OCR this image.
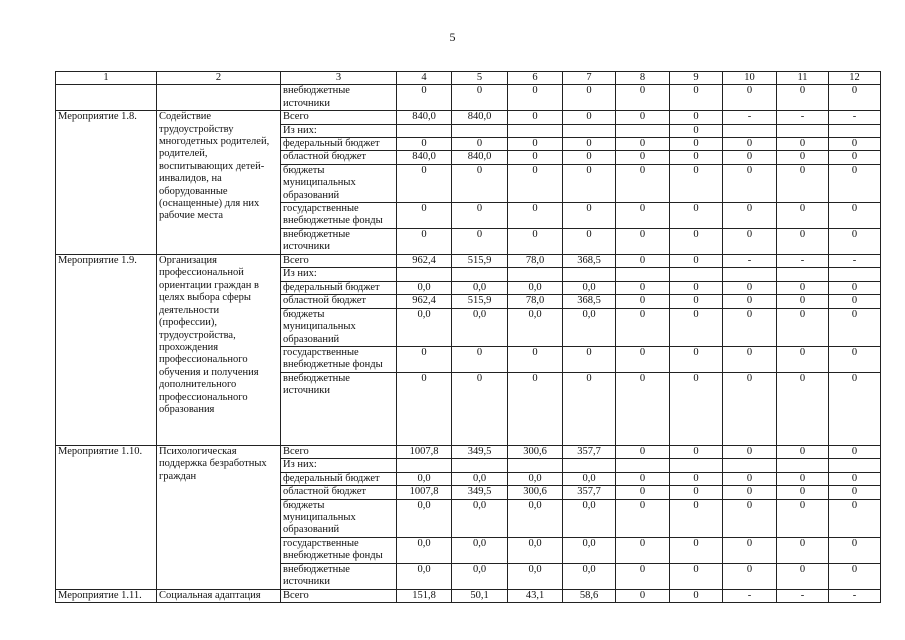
5
1	2	3	4	5	6	7	8	9	10	11	12
		внебюджетные источники	0	0	0	0	0	0	0	0	0
Мероприятие 1.8.	Содействие трудоустройству многодетных родителей, родителей, воспитывающих детей-инвалидов, на оборудованные (оснащенные) для них рабочие места	Всего	840,0	840,0	0	0	0	0	-	-	-
		Из них:						0			
		федеральный бюджет	0	0	0	0	0	0	0	0	0
		областной бюджет	840,0	840,0	0	0	0	0	0	0	0
		бюджеты муниципальных образований	0	0	0	0	0	0	0	0	0
		государственные внебюджетные фонды	0	0	0	0	0	0	0	0	0
		внебюджетные источники	0	0	0	0	0	0	0	0	0
Мероприятие 1.9.	Организация профессиональной ориентации граждан в целях выбора сферы деятельности (профессии), трудоустройства, прохождения профессионального обучения и получения дополнительного профессионального образования	Всего	962,4	515,9	78,0	368,5	0	0	-	-	-
		Из них:									
		федеральный бюджет	0,0	0,0	0,0	0,0	0	0	0	0	0
		областной бюджет	962,4	515,9	78,0	368,5	0	0	0	0	0
		бюджеты муниципальных образований	0,0	0,0	0,0	0,0	0	0	0	0	0
		государственные внебюджетные фонды	0	0	0	0	0	0	0	0	0
		внебюджетные источники	0	0	0	0	0	0	0	0	0
Мероприятие 1.10.	Психологическая поддержка безработных граждан	Всего	1007,8	349,5	300,6	357,7	0	0	0	0	0
		Из них:									
		федеральный бюджет	0,0	0,0	0,0	0,0	0	0	0	0	0
		областной бюджет	1007,8	349,5	300,6	357,7	0	0	0	0	0
		бюджеты муниципальных образований	0,0	0,0	0,0	0,0	0	0	0	0	0
		государственные внебюджетные фонды	0,0	0,0	0,0	0,0	0	0	0	0	0
		внебюджетные источники	0,0	0,0	0,0	0,0	0	0	0	0	0
Мероприятие 1.11.	Социальная адаптация	Всего	151,8	50,1	43,1	58,6	0	0	-	-	-
